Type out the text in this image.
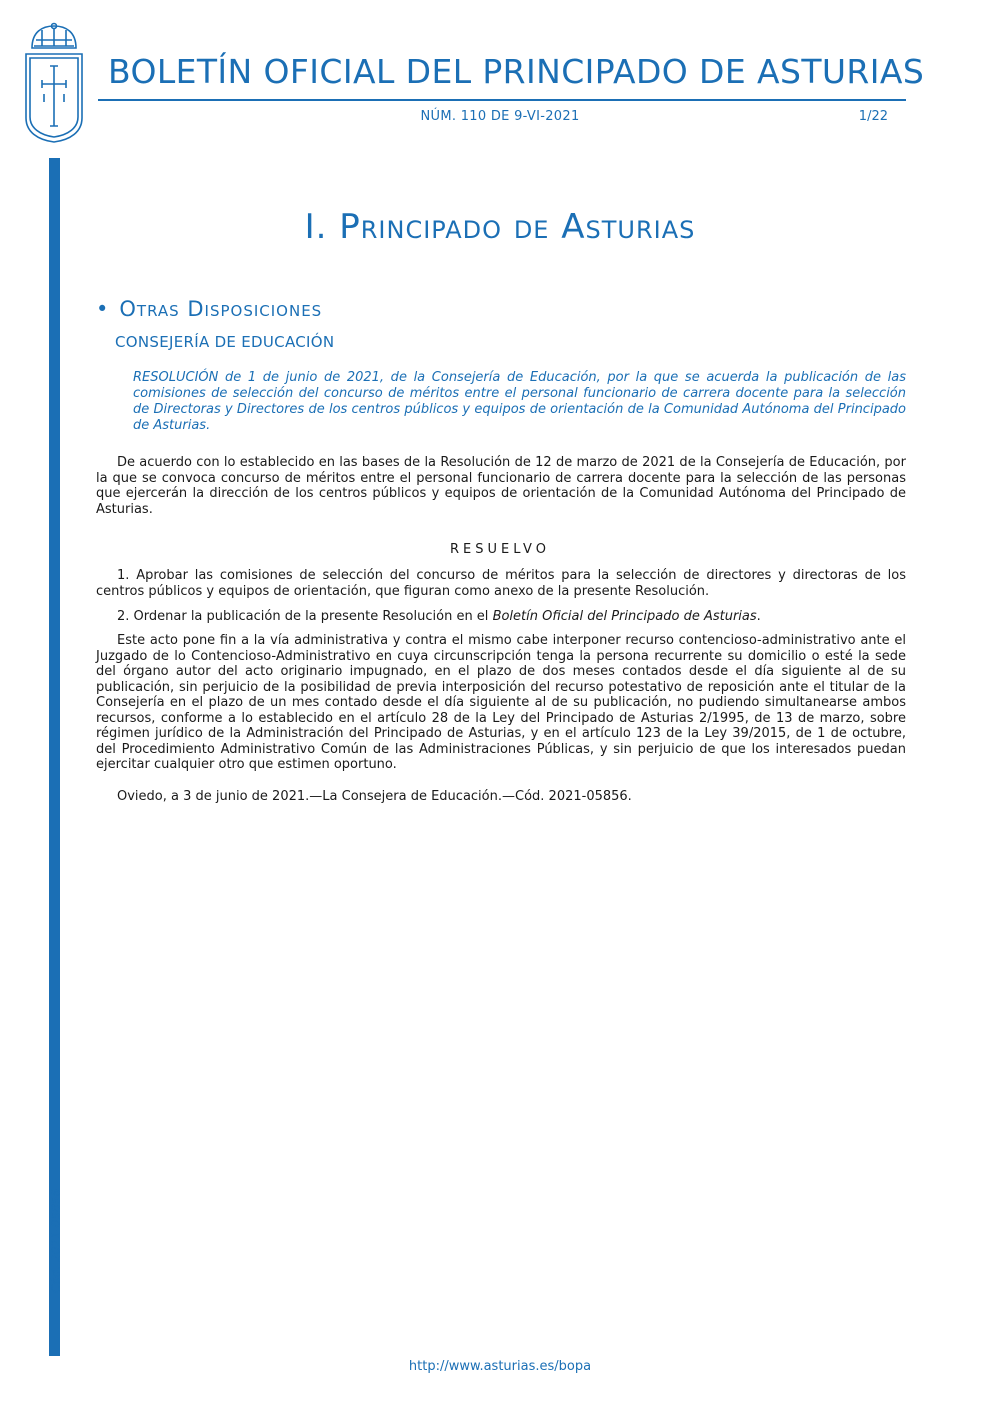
BOLETÍN OFICIAL DEL PRINCIPADO DE ASTURIAS
NÚM. 110 DE 9-VI-2021	1/22
Cód. 2021-05856
I. Principado de Asturias
• Otras Disposiciones
CONSEJERÍA DE EDUCACIÓN
RESOLUCIÓN de 1 de junio de 2021, de la Consejería de Educación, por la que se acuerda la publicación de las comisiones de selección del concurso de méritos entre el personal funcionario de carrera docente para la selección de Directoras y Directores de los centros públicos y equipos de orientación de la Comunidad Autónoma del Principado de Asturias.

De acuerdo con lo establecido en las bases de la Resolución de 12 de marzo de 2021 de la Consejería de Educación, por la que se convoca concurso de méritos entre el personal funcionario de carrera docente para la selección de las personas que ejercerán la dirección de los centros públicos y equipos de orientación de la Comunidad Autónoma del Principado de Asturias.

RESUELVO

1. Aprobar las comisiones de selección del concurso de méritos para la selección de directores y directoras de los centros públicos y equipos de orientación, que figuran como anexo de la presente Resolución.

2. Ordenar la publicación de la presente Resolución en el Boletín Oficial del Principado de Asturias.

Este acto pone fin a la vía administrativa y contra el mismo cabe interponer recurso contencioso-administrativo ante el Juzgado de lo Contencioso-Administrativo en cuya circunscripción tenga la persona recurrente su domicilio o esté la sede del órgano autor del acto originario impugnado, en el plazo de dos meses contados desde el día siguiente al de su publicación, sin perjuicio de la posibilidad de previa interposición del recurso potestativo de reposición ante el titular de la Consejería en el plazo de un mes contado desde el día siguiente al de su publicación, no pudiendo simultanearse ambos recursos, conforme a lo establecido en el artículo 28 de la Ley del Principado de Asturias 2/1995, de 13 de marzo, sobre régimen jurídico de la Administración del Principado de Asturias, y en el artículo 123 de la Ley 39/2015, de 1 de octubre, del Procedimiento Administrativo Común de las Administraciones Públicas, y sin perjuicio de que los interesados puedan ejercitar cualquier otro que estimen oportuno.

Oviedo, a 3 de junio de 2021.—La Consejera de Educación.—Cód. 2021-05856.

http://www.asturias.es/bopa
